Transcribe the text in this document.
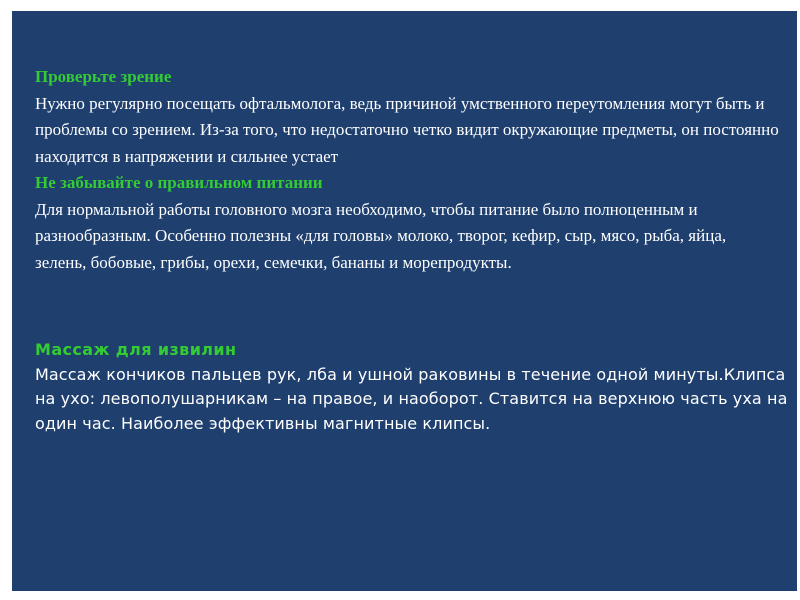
Проверьте зрение

Нужно регулярно посещать офтальмолога, ведь причиной умственного переутомления могут быть и проблемы со зрением. Из-за того, что недостаточно четко видит окружающие предметы, он постоянно находится в напряжении и сильнее устает

Не забывайте о правильном питании

Для нормальной работы головного мозга необходимо, чтобы питание было полноценным и разнообразным. Особенно полезны «для головы» молоко, творог, кефир, сыр, мясо, рыба, яйца, зелень, бобовые, грибы, орехи, семечки, бананы и морепродукты.

Массаж для извилин

Массаж кончиков пальцев рук, лба и ушной раковины в течение одной минуты.Клипса на ухо: левополушарникам – на правое, и наоборот. Ставится на верхнюю часть уха на один час. Наиболее эффективны магнитные клипсы.
